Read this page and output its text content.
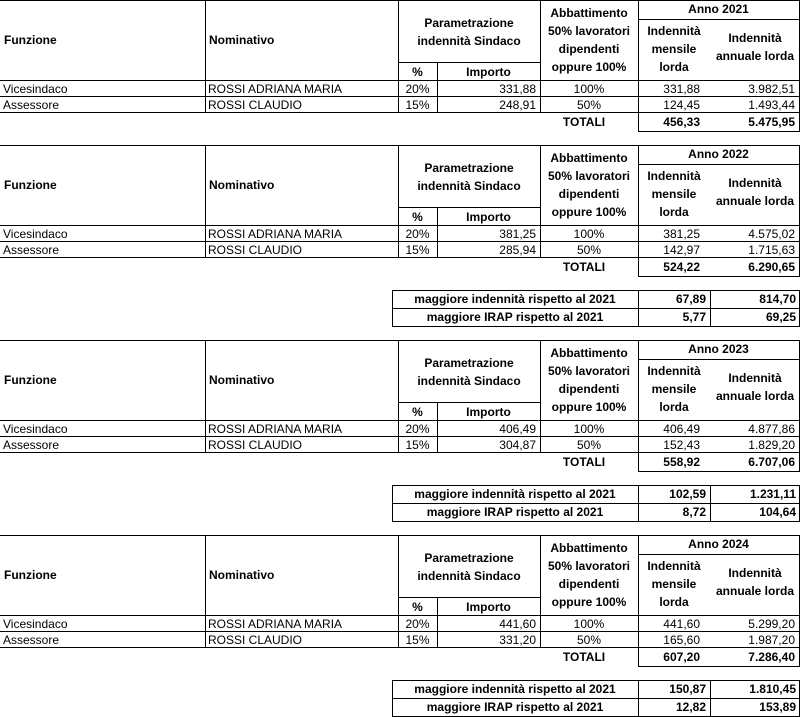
Funzione	Nominativo
Parametrazione indennità Sindaco
%	Importo
Abbattimento 50% lavoratori dipendenti oppure 100%
Anno 2021
Indennità mensile lorda
Indennità annuale lorda
Vicesindaco	ROSSI ADRIANA MARIA	20%	331,88	100%	331,88	3.982,51
Assessore	ROSSI CLAUDIO	15%	248,91	50%	124,45	1.493,44
TOTALI	456,33	5.475,95
Funzione	Nominativo
Parametrazione indennità Sindaco
%	Importo
Abbattimento 50% lavoratori dipendenti oppure 100%
Anno 2022
Indennità mensile lorda
Indennità annuale lorda
Vicesindaco	ROSSI ADRIANA MARIA	20%	381,25	100%	381,25	4.575,02
Assessore	ROSSI CLAUDIO	15%	285,94	50%	142,97	1.715,63
TOTALI	524,22	6.290,65
maggiore indennità rispetto al 2021	67,89	814,70
maggiore IRAP rispetto al 2021	5,77	69,25
Funzione	Nominativo
Parametrazione indennità Sindaco
%	Importo
Abbattimento 50% lavoratori dipendenti oppure 100%
Anno 2023
Indennità mensile lorda
Indennità annuale lorda
Vicesindaco	ROSSI ADRIANA MARIA	20%	406,49	100%	406,49	4.877,86
Assessore	ROSSI CLAUDIO	15%	304,87	50%	152,43	1.829,20
TOTALI	558,92	6.707,06
maggiore indennità rispetto al 2021	102,59	1.231,11
maggiore IRAP rispetto al 2021	8,72	104,64
Funzione	Nominativo
Parametrazione indennità Sindaco
%	Importo
Abbattimento 50% lavoratori dipendenti oppure 100%
Anno 2024
Indennità mensile lorda
Indennità annuale lorda
Vicesindaco	ROSSI ADRIANA MARIA	20%	441,60	100%	441,60	5.299,20
Assessore	ROSSI CLAUDIO	15%	331,20	50%	165,60	1.987,20
TOTALI	607,20	7.286,40
maggiore indennità rispetto al 2021	150,87	1.810,45
maggiore IRAP rispetto al 2021	12,82	153,89
